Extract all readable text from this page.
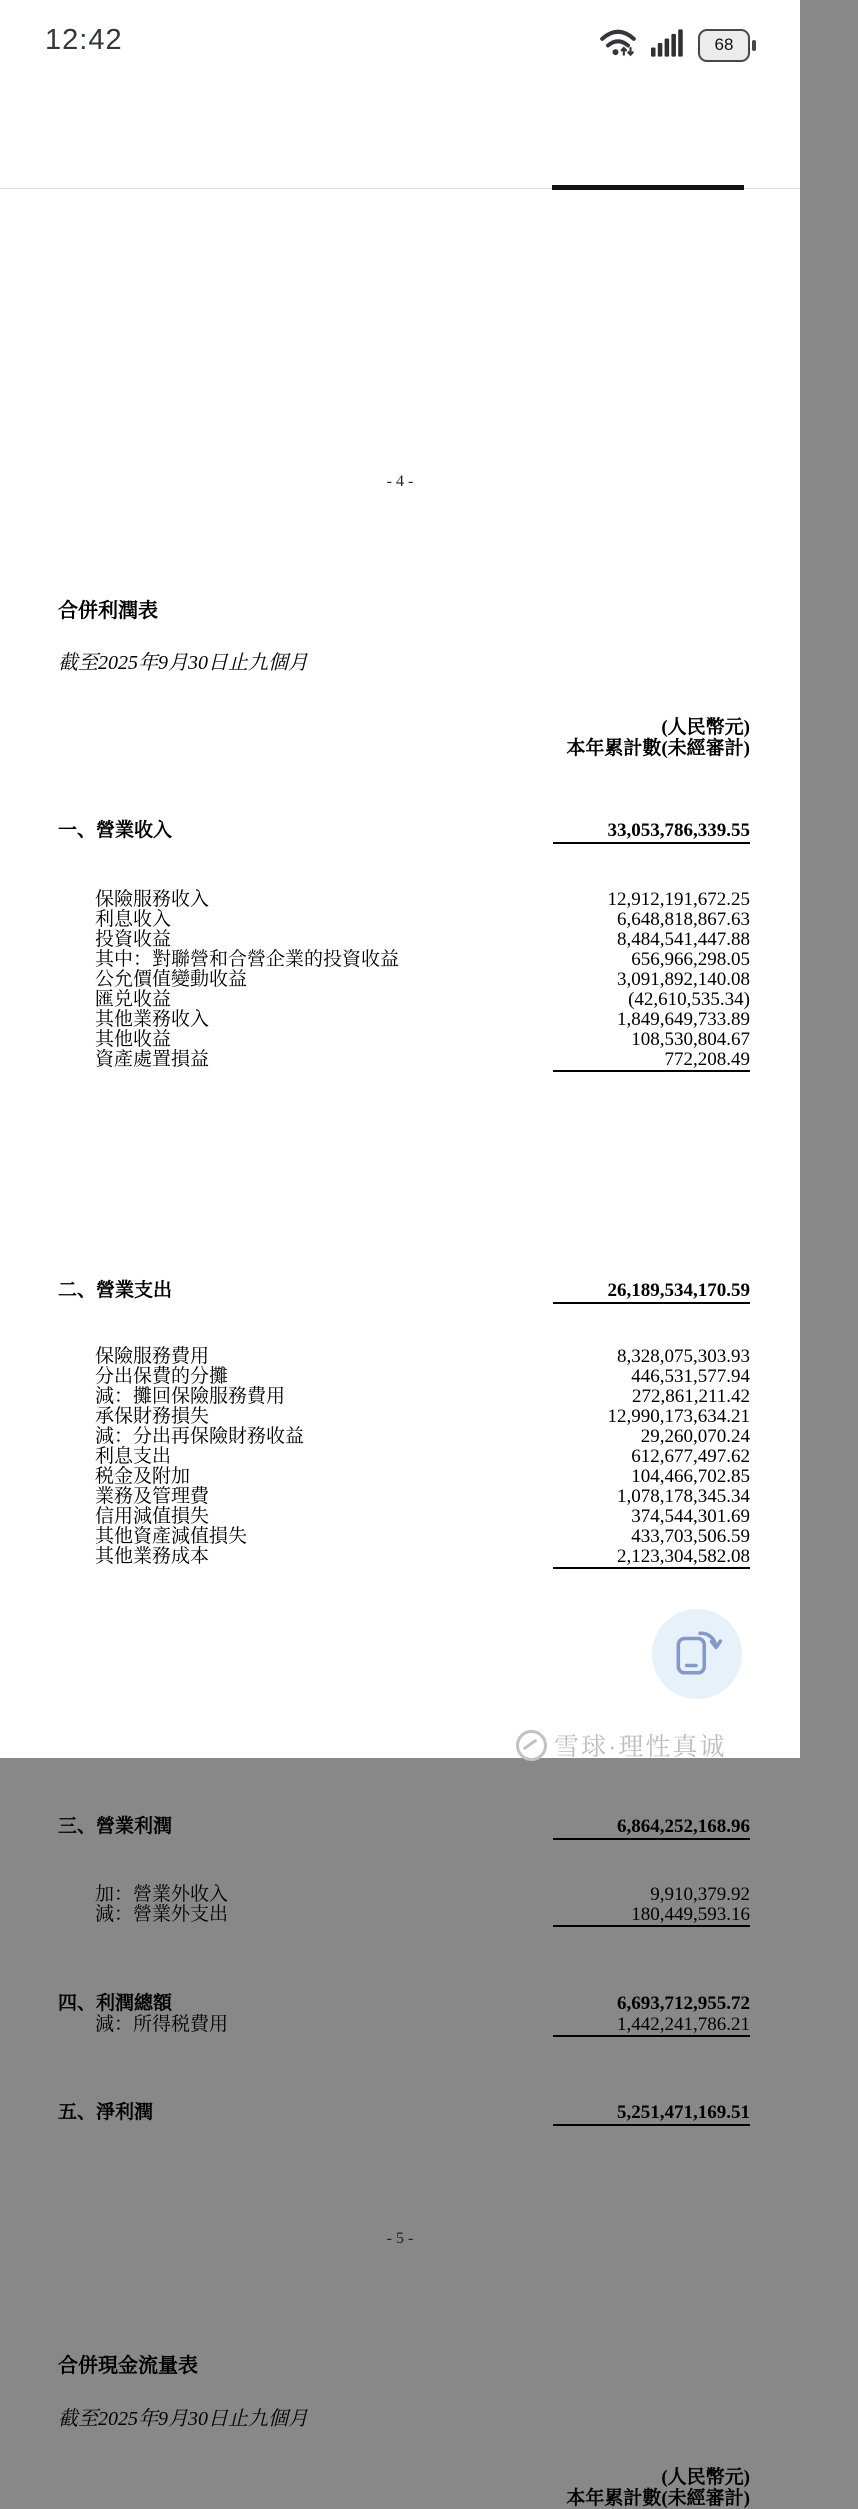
12:42	68
- 4 -
合併利潤表
截至2025年9月30日止九個月
(人民幣元)
本年累計數(未經審計)
一、營業收入	33,053,786,339.55
保險服務收入	12,912,191,672.25
利息收入	6,648,818,867.63
投資收益	8,484,541,447.88
其中：對聯營和合營企業的投資收益	656,966,298.05
公允價值變動收益	3,091,892,140.08
匯兑收益	(42,610,535.34)
其他業務收入	1,849,649,733.89
其他收益	108,530,804.67
資產處置損益	772,208.49
二、營業支出	26,189,534,170.59
保險服務費用	8,328,075,303.93
分出保費的分攤	446,531,577.94
減：攤回保險服務費用	272,861,211.42
承保財務損失	12,990,173,634.21
減：分出再保險財務收益	29,260,070.24
利息支出	612,677,497.62
税金及附加	104,466,702.85
業務及管理費	1,078,178,345.34
信用減值損失	374,544,301.69
其他資產減值損失	433,703,506.59
其他業務成本	2,123,304,582.08
三、營業利潤	6,864,252,168.96
加：營業外收入	9,910,379.92
減：營業外支出	180,449,593.16
四、利潤總額	6,693,712,955.72
減：所得税費用	1,442,241,786.21
五、淨利潤	5,251,471,169.51
- 5 -
合併現金流量表
截至2025年9月30日止九個月
(人民幣元)
本年累計數(未經審計)
雪球·理性真诚
